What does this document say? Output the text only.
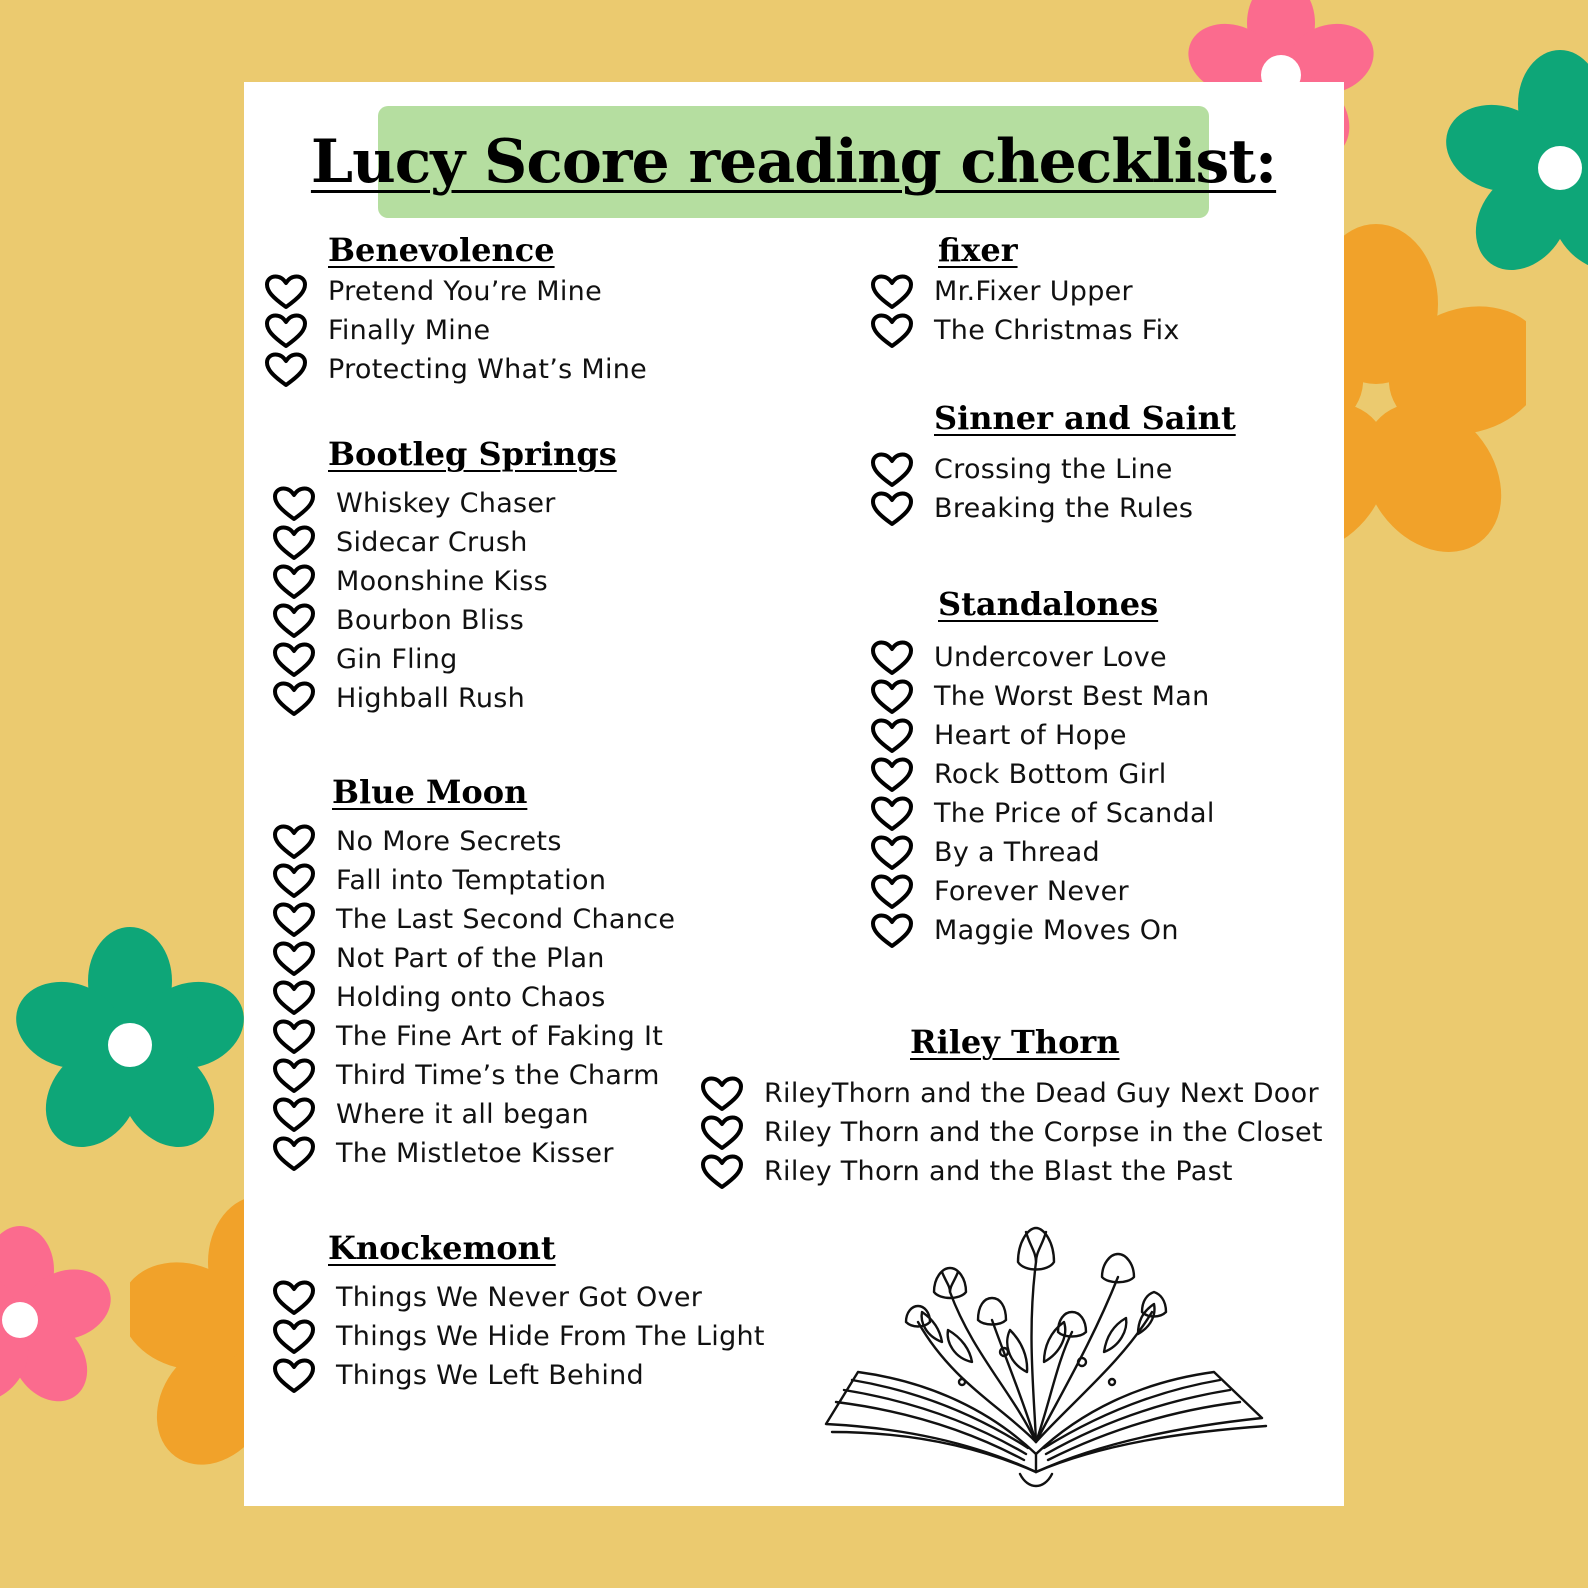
Lucy Score reading checklist:
Benevolence
Pretend You’re Mine
Finally Mine
Protecting What’s Mine
Bootleg Springs
Whiskey Chaser
Sidecar Crush
Moonshine Kiss
Bourbon Bliss
Gin Fling
Highball Rush
Blue Moon
No More Secrets
Fall into Temptation
The Last Second Chance
Not Part of the Plan
Holding onto Chaos
The Fine Art of Faking It
Third Time’s the Charm
Where it all began
The Mistletoe Kisser
Knockemont
Things We Never Got Over
Things We Hide From The Light
Things We Left Behind
fixer
Mr.Fixer Upper
The Christmas Fix
Sinner and Saint
Crossing the Line
Breaking the Rules
Standalones
Undercover Love
The Worst Best Man
Heart of Hope
Rock Bottom Girl
The Price of Scandal
By a Thread
Forever Never
Maggie Moves On
Riley Thorn
RileyThorn and the Dead Guy Next Door
Riley Thorn and the Corpse in the Closet
Riley Thorn and the Blast the Past
